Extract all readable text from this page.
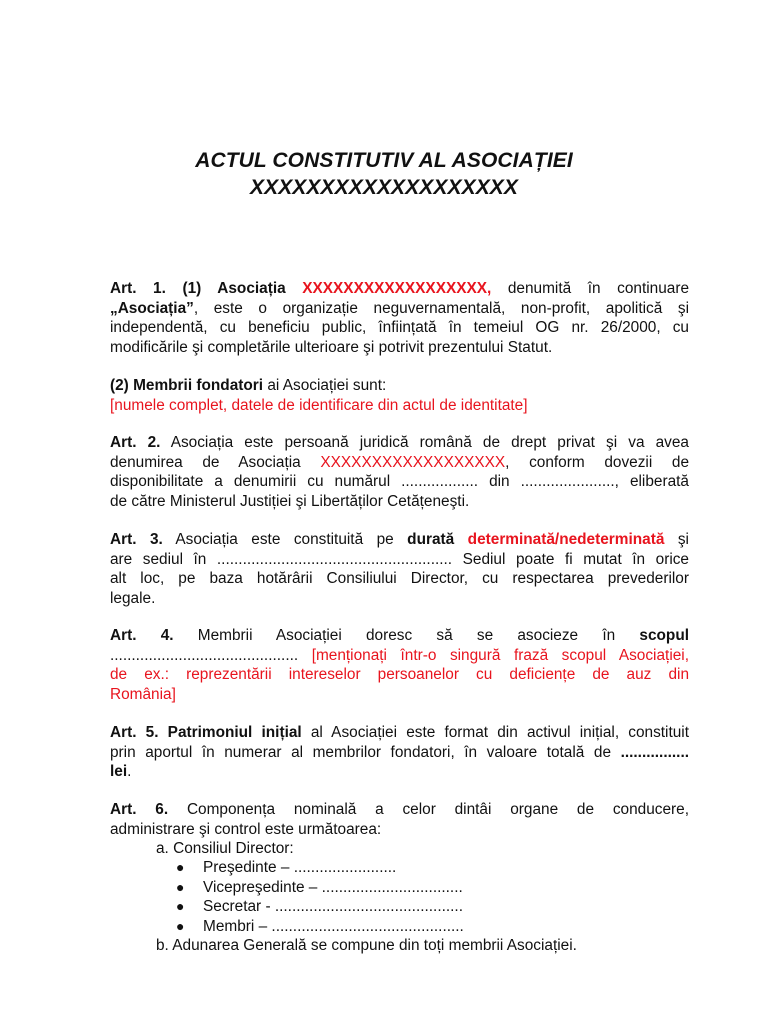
ACTUL CONSTITUTIV AL ASOCIAȚIEI
XXXXXXXXXXXXXXXXXXX
Art. 1. (1) Asociația XXXXXXXXXXXXXXXXXX, denumită în continuare
„Asociația”, este o organizație neguvernamentală, non-profit, apolitică şi
independentă, cu beneficiu public, înființată în temeiul OG nr. 26/2000, cu
modificările şi completările ulterioare şi potrivit prezentului Statut.
(2) Membrii fondatori ai Asociației sunt:
[numele complet, datele de identificare din actul de identitate]
Art. 2. Asociația este persoană juridică română de drept privat şi va avea
denumirea de Asociația XXXXXXXXXXXXXXXXXX, conform dovezii de
disponibilitate a denumirii cu numărul .................. din ......................, eliberată
de către Ministerul Justiției şi Libertăților Cetățeneşti.
Art. 3. Asociația este constituită pe durată determinată/nedeterminată şi
are sediul în ....................................................... Sediul poate fi mutat în orice
alt loc, pe baza hotărârii Consiliului Director, cu respectarea prevederilor
legale.
Art. 4. Membrii Asociației doresc să se asocieze în scopul
............................................ [menționați într-o singură frază scopul Asociației,
de ex.: reprezentării intereselor persoanelor cu deficiențe de auz din
România]
Art. 5. Patrimoniul inițial al Asociației este format din activul inițial, constituit
prin aportul în numerar al membrilor fondatori, în valoare totală de ................
lei.
Art. 6. Componența nominală a celor dintâi organe de conducere,
administrare şi control este următoarea:
a. Consiliul Director:
● Preşedinte – ........................
● Vicepreşedinte – .................................
● Secretar - ............................................
● Membri – .............................................
b. Adunarea Generală se compune din toți membrii Asociației.
